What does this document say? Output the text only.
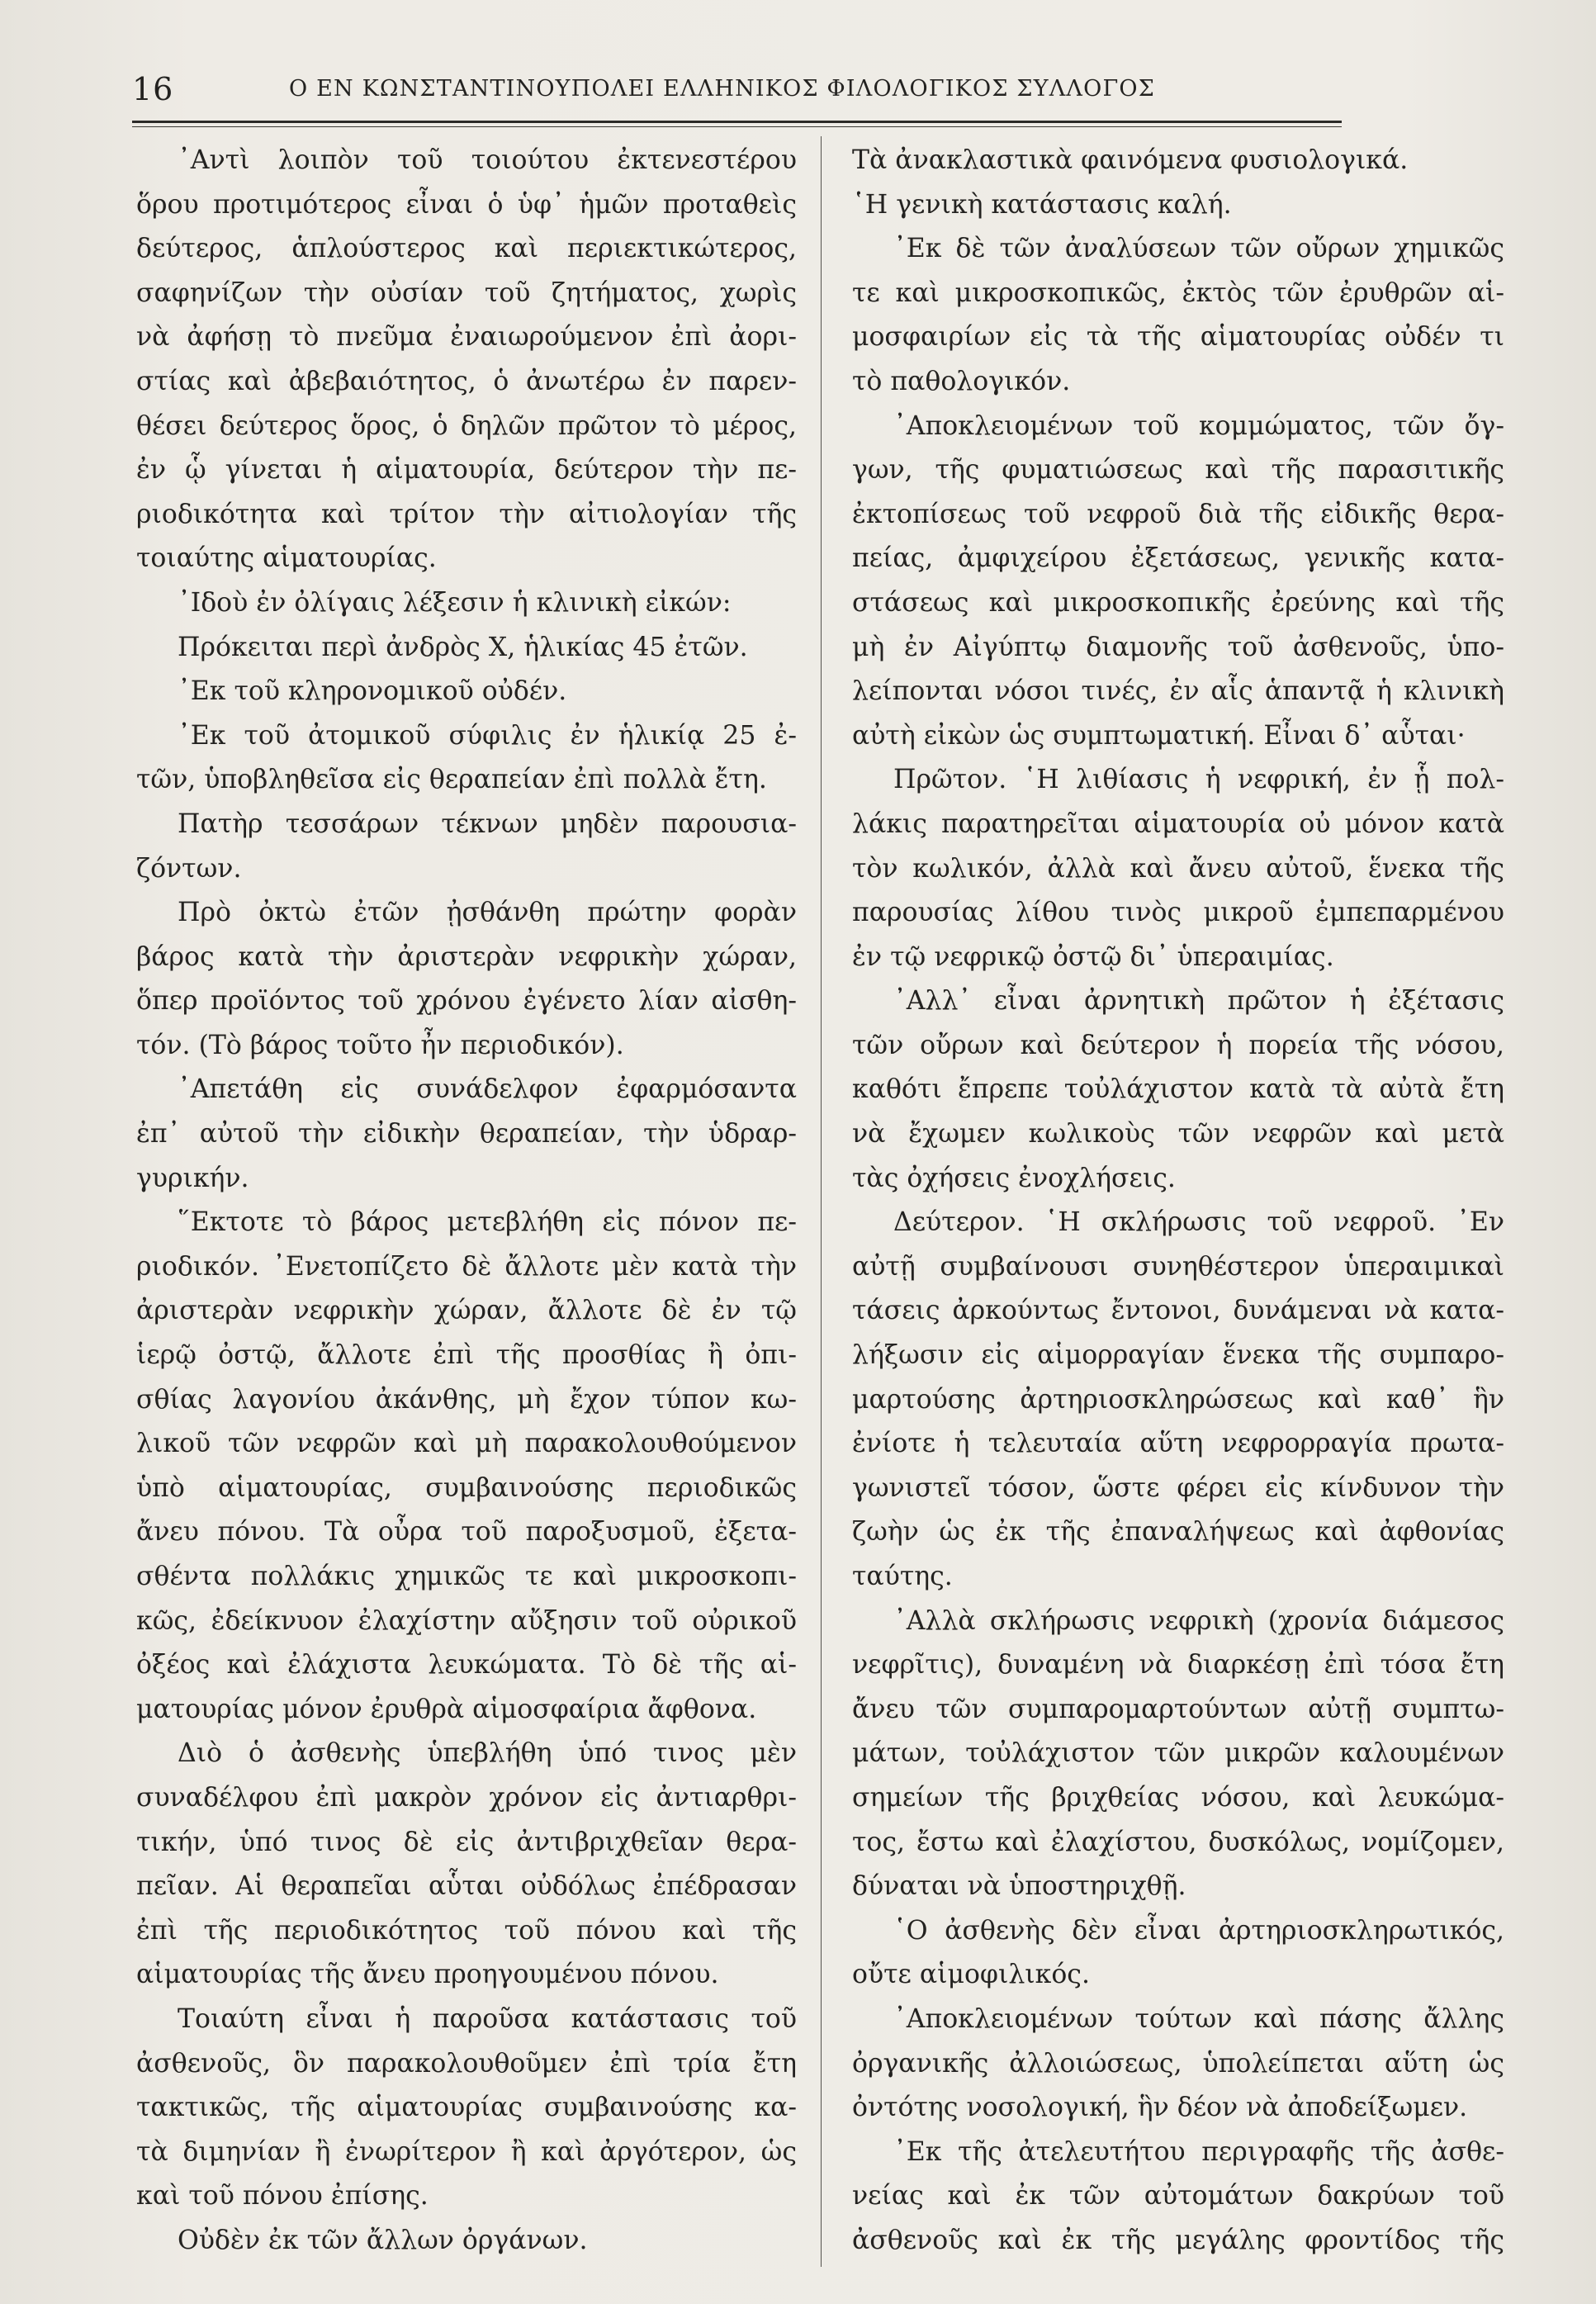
16	Ο ΕΝ ΚΩΝΣΤΑΝΤΙΝΟΥΠΟΛΕΙ ΕΛΛΗΝΙΚΟΣ ΦΙΛΟΛΟΓΙΚΟΣ ΣΥΛΛΟΓΟΣ
᾿Αντὶ λοιπὸν τοῦ τοιούτου ἐκτενεστέρου
ὅρου προτιμότερος εἶναι ὁ ὑφ᾿ ἡμῶν προταθεὶς
δεύτερος, ἁπλούστερος καὶ περιεκτικώτερος,
σαφηνίζων τὴν οὐσίαν τοῦ ζητήματος, χωρὶς
νὰ ἀφήσῃ τὸ πνεῦμα ἐναιωρούμενον ἐπὶ ἀορι-
στίας καὶ ἀβεβαιότητος, ὁ ἀνωτέρω ἐν παρεν-
θέσει δεύτερος ὅρος, ὁ δηλῶν πρῶτον τὸ μέρος,
ἐν ᾧ γίνεται ἡ αἱματουρία, δεύτερον τὴν πε-
ριοδικότητα καὶ τρίτον τὴν αἰτιολογίαν τῆς
τοιαύτης αἱματουρίας.
᾿Ιδοὺ ἐν ὀλίγαις λέξεσιν ἡ κλινικὴ εἰκών:
Πρόκειται περὶ ἀνδρὸς Χ, ἡλικίας 45 ἐτῶν.
᾿Εκ τοῦ κληρονομικοῦ οὐδέν.
᾿Εκ τοῦ ἀτομικοῦ σύφιλις ἐν ἡλικίᾳ 25 ἐ-
τῶν, ὑποβληθεῖσα εἰς θεραπείαν ἐπὶ πολλὰ ἔτη.
Πατὴρ τεσσάρων τέκνων μηδὲν παρουσια-
ζόντων.
Πρὸ ὀκτὼ ἐτῶν ᾐσθάνθη πρώτην φορὰν
βάρος κατὰ τὴν ἀριστερὰν νεφρικὴν χώραν,
ὅπερ προϊόντος τοῦ χρόνου ἐγένετο λίαν αἰσθη-
τόν. (Τὸ βάρος τοῦτο ἦν περιοδικόν).
᾿Απετάθη εἰς συνάδελφον ἐφαρμόσαντα
ἐπ᾿ αὐτοῦ τὴν εἰδικὴν θεραπείαν, τὴν ὑδραρ-
γυρικήν.
῞Εκτοτε τὸ βάρος μετεβλήθη εἰς πόνον πε-
ριοδικόν. ᾿Ενετοπίζετο δὲ ἄλλοτε μὲν κατὰ τὴν
ἀριστερὰν νεφρικὴν χώραν, ἄλλοτε δὲ ἐν τῷ
ἱερῷ ὀστῷ, ἄλλοτε ἐπὶ τῆς προσθίας ἢ ὀπι-
σθίας λαγονίου ἀκάνθης, μὴ ἔχον τύπον κω-
λικοῦ τῶν νεφρῶν καὶ μὴ παρακολουθούμενον
ὑπὸ αἱματουρίας, συμβαινούσης περιοδικῶς
ἄνευ πόνου. Τὰ οὖρα τοῦ παροξυσμοῦ, ἐξετα-
σθέντα πολλάκις χημικῶς τε καὶ μικροσκοπι-
κῶς, ἐδείκνυον ἐλαχίστην αὔξησιν τοῦ οὐρικοῦ
ὀξέος καὶ ἐλάχιστα λευκώματα. Τὸ δὲ τῆς αἱ-
ματουρίας μόνον ἐρυθρὰ αἱμοσφαίρια ἄφθονα.
Διὸ ὁ ἀσθενὴς ὑπεβλήθη ὑπό τινος μὲν
συναδέλφου ἐπὶ μακρὸν χρόνον εἰς ἀντιαρθρι-
τικήν, ὑπό τινος δὲ εἰς ἀντιβριχθεῖαν θερα-
πεῖαν. Αἱ θεραπεῖαι αὗται οὐδόλως ἐπέδρασαν
ἐπὶ τῆς περιοδικότητος τοῦ πόνου καὶ τῆς
αἱματουρίας τῆς ἄνευ προηγουμένου πόνου.
Τοιαύτη εἶναι ἡ παροῦσα κατάστασις τοῦ
ἀσθενοῦς, ὃν παρακολουθοῦμεν ἐπὶ τρία ἔτη
τακτικῶς, τῆς αἱματουρίας συμβαινούσης κα-
τὰ διμηνίαν ἢ ἐνωρίτερον ἢ καὶ ἀργότερον, ὡς
καὶ τοῦ πόνου ἐπίσης.
Οὐδὲν ἐκ τῶν ἄλλων ὀργάνων.
Τὰ ἀνακλαστικὰ φαινόμενα φυσιολογικά.
῾Η γενικὴ κατάστασις καλή.
᾿Εκ δὲ τῶν ἀναλύσεων τῶν οὔρων χημικῶς
τε καὶ μικροσκοπικῶς, ἐκτὸς τῶν ἐρυθρῶν αἱ-
μοσφαιρίων εἰς τὰ τῆς αἱματουρίας οὐδέν τι
τὸ παθολογικόν.
᾿Αποκλειομένων τοῦ κομμώματος, τῶν ὄγ-
γων, τῆς φυματιώσεως καὶ τῆς παρασιτικῆς
ἐκτοπίσεως τοῦ νεφροῦ διὰ τῆς εἰδικῆς θερα-
πείας, ἀμφιχείρου ἐξετάσεως, γενικῆς κατα-
στάσεως καὶ μικροσκοπικῆς ἐρεύνης καὶ τῆς
μὴ ἐν Αἰγύπτῳ διαμονῆς τοῦ ἀσθενοῦς, ὑπο-
λείπονται νόσοι τινές, ἐν αἷς ἁπαντᾷ ἡ κλινικὴ
αὐτὴ εἰκὼν ὡς συμπτωματική. Εἶναι δ᾿ αὗται·
Πρῶτον. ῾Η λιθίασις ἡ νεφρική, ἐν ᾗ πολ-
λάκις παρατηρεῖται αἱματουρία οὐ μόνον κατὰ
τὸν κωλικόν, ἀλλὰ καὶ ἄνευ αὐτοῦ, ἕνεκα τῆς
παρουσίας λίθου τινὸς μικροῦ ἐμπεπαρμένου
ἐν τῷ νεφρικῷ ὀστῷ δι᾿ ὑπεραιμίας.
᾿Αλλ᾿ εἶναι ἀρνητικὴ πρῶτον ἡ ἐξέτασις
τῶν οὔρων καὶ δεύτερον ἡ πορεία τῆς νόσου,
καθότι ἔπρεπε τοὐλάχιστον κατὰ τὰ αὐτὰ ἔτη
νὰ ἔχωμεν κωλικοὺς τῶν νεφρῶν καὶ μετὰ
τὰς ὀχήσεις ἐνοχλήσεις.
Δεύτερον. ῾Η σκλήρωσις τοῦ νεφροῦ. ᾿Εν
αὐτῇ συμβαίνουσι συνηθέστερον ὑπεραιμικαὶ
τάσεις ἀρκούντως ἔντονοι, δυνάμεναι νὰ κατα-
λήξωσιν εἰς αἱμορραγίαν ἕνεκα τῆς συμπαρο-
μαρτούσης ἀρτηριοσκληρώσεως καὶ καθ᾿ ἣν
ἐνίοτε ἡ τελευταία αὕτη νεφρορραγία πρωτα-
γωνιστεῖ τόσον, ὥστε φέρει εἰς κίνδυνον τὴν
ζωὴν ὡς ἐκ τῆς ἐπαναλήψεως καὶ ἀφθονίας
ταύτης.
᾿Αλλὰ σκλήρωσις νεφρικὴ (χρονία διάμεσος
νεφρῖτις), δυναμένη νὰ διαρκέσῃ ἐπὶ τόσα ἔτη
ἄνευ τῶν συμπαρομαρτούντων αὐτῇ συμπτω-
μάτων, τοὐλάχιστον τῶν μικρῶν καλουμένων
σημείων τῆς βριχθείας νόσου, καὶ λευκώμα-
τος, ἔστω καὶ ἐλαχίστου, δυσκόλως, νομίζομεν,
δύναται νὰ ὑποστηριχθῇ.
῾Ο ἀσθενὴς δὲν εἶναι ἀρτηριοσκληρωτικός,
οὔτε αἱμοφιλικός.
᾿Αποκλειομένων τούτων καὶ πάσης ἄλλης
ὀργανικῆς ἀλλοιώσεως, ὑπολείπεται αὕτη ὡς
ὀντότης νοσολογική, ἣν δέον νὰ ἀποδείξωμεν.
᾿Εκ τῆς ἀτελευτήτου περιγραφῆς τῆς ἀσθε-
νείας καὶ ἐκ τῶν αὐτομάτων δακρύων τοῦ
ἀσθενοῦς καὶ ἐκ τῆς μεγάλης φροντίδος τῆς
